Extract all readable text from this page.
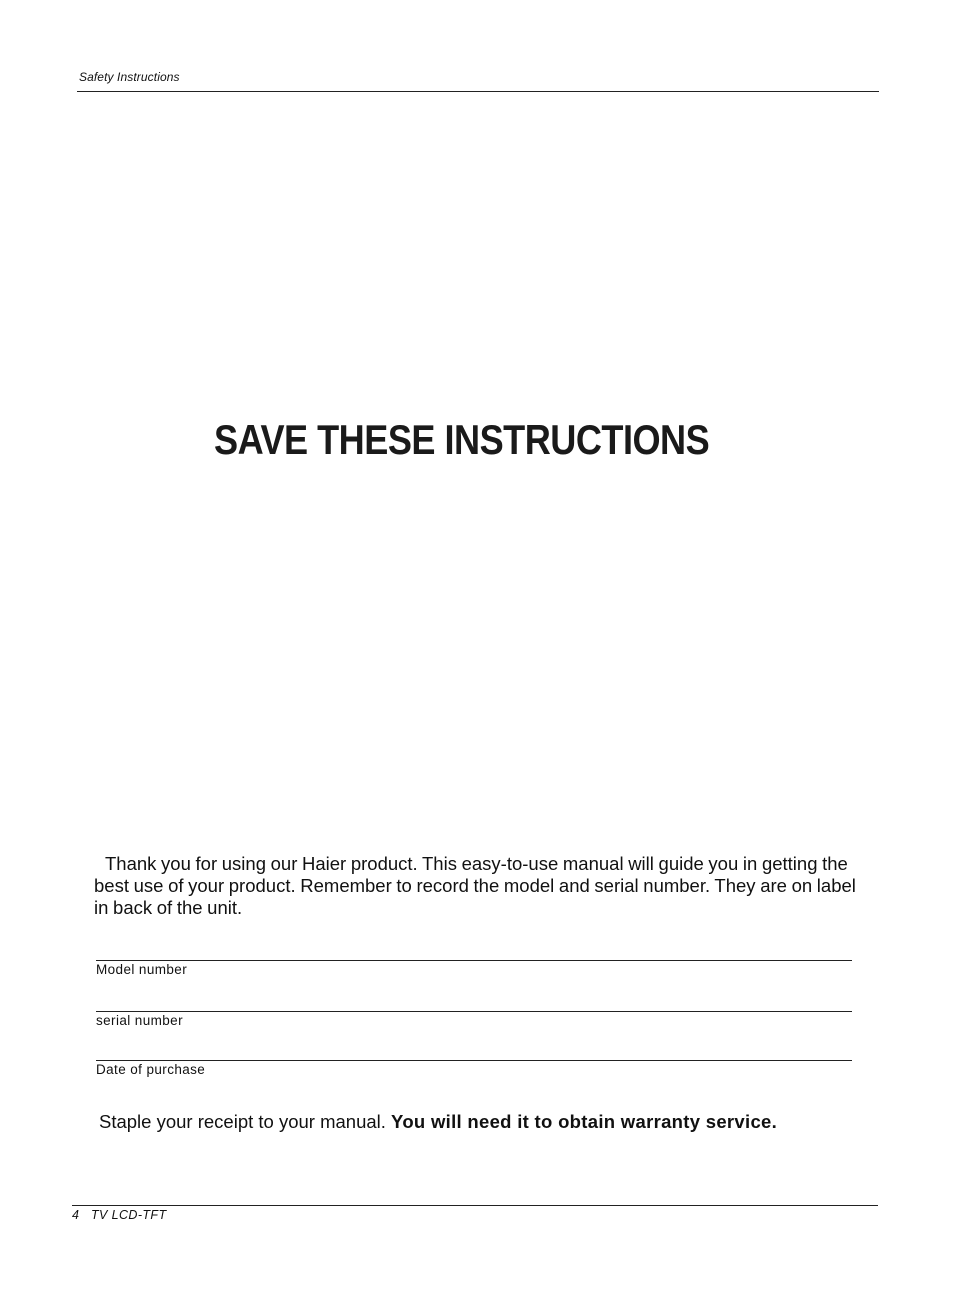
Safety Instructions
SAVE THESE INSTRUCTIONS
Thank you for using our Haier product. This easy-to-use manual will guide you in getting the best use of your product. Remember to record the model and serial number. They are on label in back of the unit.
Model number
serial number
Date of purchase
Staple your receipt to your manual. You will need it to obtain warranty service.
4 TV LCD-TFT
